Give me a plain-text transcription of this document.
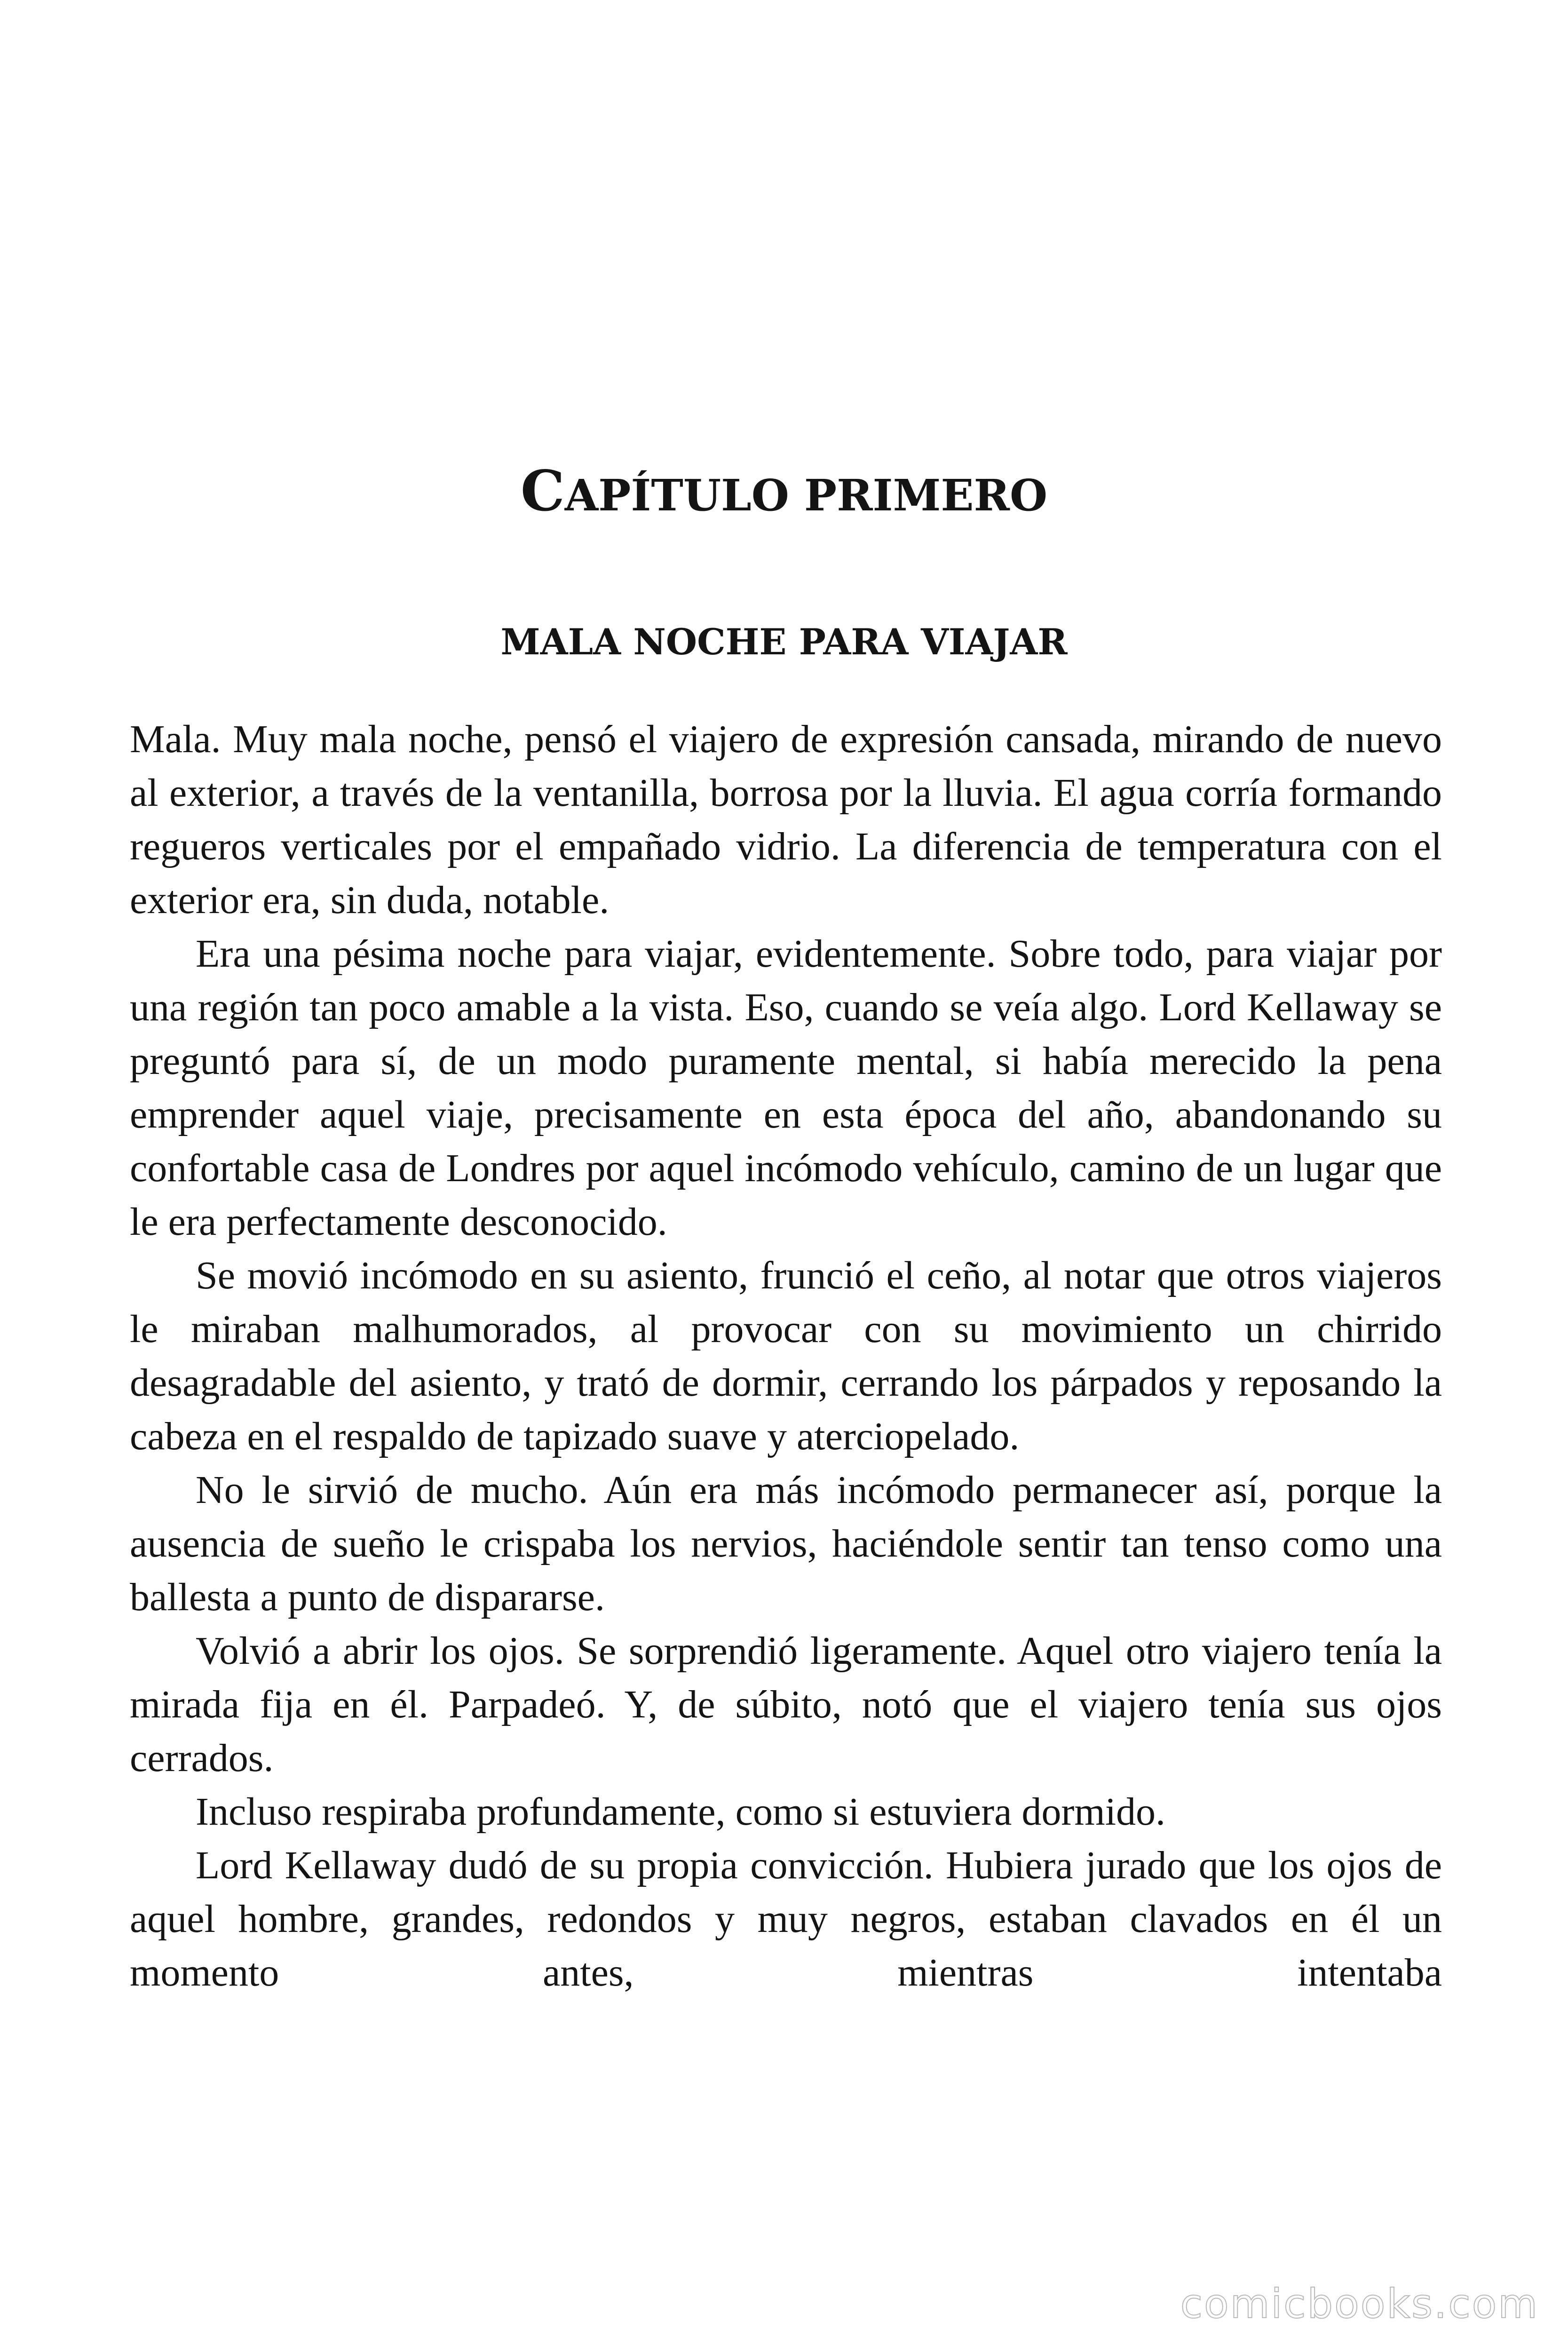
CAPÍTULO PRIMERO
MALA NOCHE PARA VIAJAR

Mala. Muy mala noche, pensó el viajero de expresión cansada, mirando de nuevo al exterior, a través de la ventanilla, borrosa por la lluvia. El agua corría formando regueros verticales por el empañado vidrio. La diferencia de temperatura con el exterior era, sin duda, notable.

Era una pésima noche para viajar, evidentemente. Sobre todo, para viajar por una región tan poco amable a la vista. Eso, cuando se veía algo. Lord Kellaway se preguntó para sí, de un modo puramente mental, si había merecido la pena emprender aquel viaje, precisamente en esta época del año, abandonando su confortable casa de Londres por aquel incómodo vehículo, camino de un lugar que le era perfectamente desconocido.

Se movió incómodo en su asiento, frunció el ceño, al notar que otros viajeros le miraban malhumorados, al provocar con su movimiento un chirrido desagradable del asiento, y trató de dormir, cerrando los párpados y reposando la cabeza en el respaldo de tapizado suave y aterciopelado.

No le sirvió de mucho. Aún era más incómodo permanecer así, porque la ausencia de sueño le crispaba los nervios, haciéndole sentir tan tenso como una ballesta a punto de dispararse.

Volvió a abrir los ojos. Se sorprendió ligeramente. Aquel otro viajero tenía la mirada fija en él. Parpadeó. Y, de súbito, notó que el viajero tenía sus ojos cerrados.

Incluso respiraba profundamente, como si estuviera dormido.

Lord Kellaway dudó de su propia convicción. Hubiera jurado que los ojos de aquel hombre, grandes, redondos y muy negros, estaban clavados en él un momento antes, mientras intentaba

comicbooks.com
